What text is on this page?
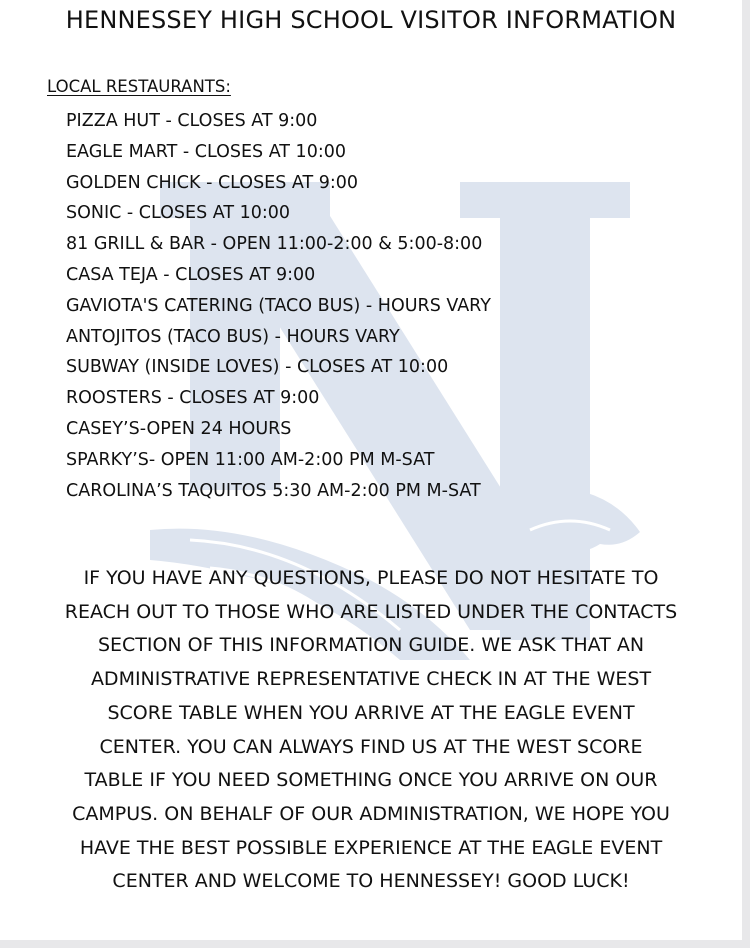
HENNESSEY HIGH SCHOOL VISITOR INFORMATION
LOCAL RESTAURANTS:
PIZZA HUT - CLOSES AT 9:00
EAGLE MART - CLOSES AT 10:00
GOLDEN CHICK - CLOSES AT 9:00
SONIC - CLOSES AT 10:00
81 GRILL & BAR - OPEN 11:00-2:00 & 5:00-8:00
CASA TEJA - CLOSES AT 9:00
GAVIOTA'S CATERING (TACO BUS) - HOURS VARY
ANTOJITOS (TACO BUS) - HOURS VARY
SUBWAY (INSIDE LOVES) - CLOSES AT 10:00
ROOSTERS - CLOSES AT 9:00
CASEY’S-OPEN 24 HOURS
SPARKY’S- OPEN 11:00 AM-2:00 PM M-SAT
CAROLINA’S TAQUITOS 5:30 AM-2:00 PM M-SAT

IF YOU HAVE ANY QUESTIONS, PLEASE DO NOT HESITATE TO
REACH OUT TO THOSE WHO ARE LISTED UNDER THE CONTACTS
SECTION OF THIS INFORMATION GUIDE. WE ASK THAT AN
ADMINISTRATIVE REPRESENTATIVE CHECK IN AT THE WEST
SCORE TABLE WHEN YOU ARRIVE AT THE EAGLE EVENT
CENTER. YOU CAN ALWAYS FIND US AT THE WEST SCORE
TABLE IF YOU NEED SOMETHING ONCE YOU ARRIVE ON OUR
CAMPUS. ON BEHALF OF OUR ADMINISTRATION, WE HOPE YOU
HAVE THE BEST POSSIBLE EXPERIENCE AT THE EAGLE EVENT
CENTER AND WELCOME TO HENNESSEY! GOOD LUCK!
